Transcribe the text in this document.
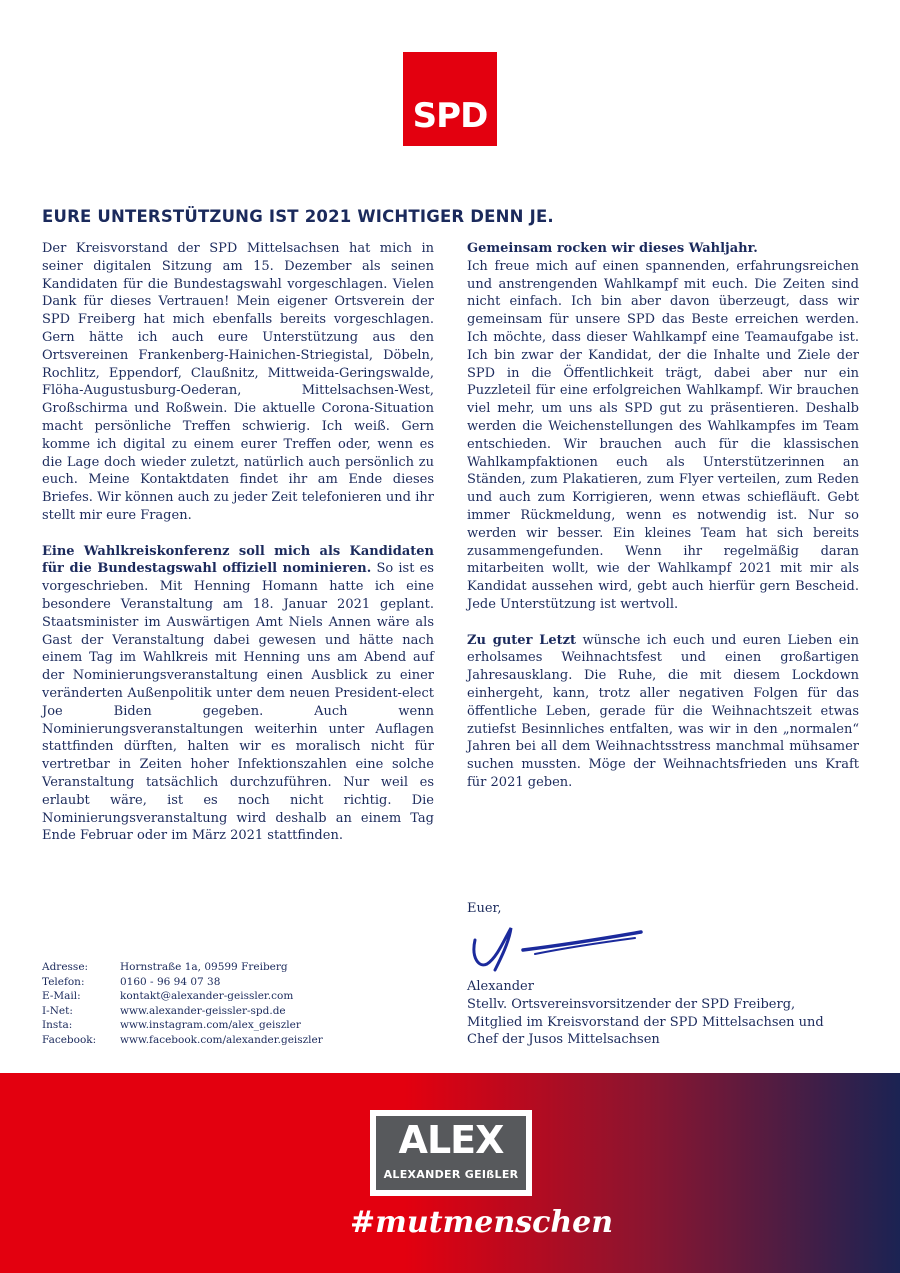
SPD
EURE UNTERSTÜTZUNG IST 2021 WICHTIGER DENN JE.

Der Kreisvorstand der SPD Mittelsachsen hat mich in seiner digitalen Sitzung am 15. Dezember als seinen Kandidaten für die Bundestagswahl vorgeschlagen. Vielen Dank für dieses Vertrauen! Mein eigener Ortsverein der SPD Freiberg hat mich ebenfalls bereits vorgeschlagen. Gern hätte ich auch eure Unterstützung aus den Ortsvereinen Frankenberg-Hainichen-Striegistal, Döbeln, Rochlitz, Eppendorf, Claußnitz, Mittweida-Geringswalde, Flöha-Augustusburg-Oederan, Mittelsachsen-West, Großschirma und Roßwein. Die aktuelle Corona-Situation macht persönliche Treffen schwierig. Ich weiß. Gern komme ich digital zu einem eurer Treffen oder, wenn es die Lage doch wieder zuletzt, natürlich auch persönlich zu euch. Meine Kontaktdaten findet ihr am Ende dieses Briefes. Wir können auch zu jeder Zeit telefonieren und ihr stellt mir eure Fragen.

Eine Wahlkreiskonferenz soll mich als Kandidaten für die Bundestagswahl offiziell nominieren. So ist es vorgeschrieben. Mit Henning Homann hatte ich eine besondere Veranstaltung am 18. Januar 2021 geplant. Staatsminister im Auswärtigen Amt Niels Annen wäre als Gast der Veranstaltung dabei gewesen und hätte nach einem Tag im Wahlkreis mit Henning uns am Abend auf der Nominierungsveranstaltung einen Ausblick zu einer veränderten Außenpolitik unter dem neuen President-elect Joe Biden gegeben. Auch wenn Nominierungsveranstaltungen weiterhin unter Auflagen stattfinden dürften, halten wir es moralisch nicht für vertretbar in Zeiten hoher Infektionszahlen eine solche Veranstaltung tatsächlich durchzuführen. Nur weil es erlaubt wäre, ist es noch nicht richtig. Die Nominierungsveranstaltung wird deshalb an einem Tag Ende Februar oder im März 2021 stattfinden.

Gemeinsam rocken wir dieses Wahljahr.
Ich freue mich auf einen spannenden, erfahrungsreichen und anstrengenden Wahlkampf mit euch. Die Zeiten sind nicht einfach. Ich bin aber davon überzeugt, dass wir gemeinsam für unsere SPD das Beste erreichen werden. Ich möchte, dass dieser Wahlkampf eine Teamaufgabe ist. Ich bin zwar der Kandidat, der die Inhalte und Ziele der SPD in die Öffentlichkeit trägt, dabei aber nur ein Puzzleteil für eine erfolgreichen Wahlkampf. Wir brauchen viel mehr, um uns als SPD gut zu präsentieren. Deshalb werden die Weichenstellungen des Wahlkampfes im Team entschieden. Wir brauchen auch für die klassischen Wahlkampfaktionen euch als Unterstützerinnen an Ständen, zum Plakatieren, zum Flyer verteilen, zum Reden und auch zum Korrigieren, wenn etwas schiefläuft. Gebt immer Rückmeldung, wenn es notwendig ist. Nur so werden wir besser. Ein kleines Team hat sich bereits zusammengefunden. Wenn ihr regelmäßig daran mitarbeiten wollt, wie der Wahlkampf 2021 mit mir als Kandidat aussehen wird, gebt auch hierfür gern Bescheid. Jede Unterstützung ist wertvoll.

Zu guter Letzt wünsche ich euch und euren Lieben ein erholsames Weihnachtsfest und einen großartigen Jahresausklang. Die Ruhe, die mit diesem Lockdown einhergeht, kann, trotz aller negativen Folgen für das öffentliche Leben, gerade für die Weihnachtszeit etwas zutiefst Besinnliches entfalten, was wir in den „normalen“ Jahren bei all dem Weihnachtsstress manchmal mühsamer suchen mussten. Möge der Weihnachtsfrieden uns Kraft für 2021 geben.

Euer,
Alexander
Stellv. Ortsvereinsvorsitzender der SPD Freiberg,
Mitglied im Kreisvorstand der SPD Mittelsachsen und
Chef der Jusos Mittelsachsen
Adresse:	Hornstraße 1a, 09599 Freiberg
Telefon:	0160 - 96 94 07 38
E-Mail:	kontakt@alexander-geissler.com
I-Net:	www.alexander-geissler-spd.de
Insta:	www.instagram.com/alex_geiszler
Facebook:	www.facebook.com/alexander.geiszler
ALEX
ALEXANDER GEIßLER
#mutmenschen
